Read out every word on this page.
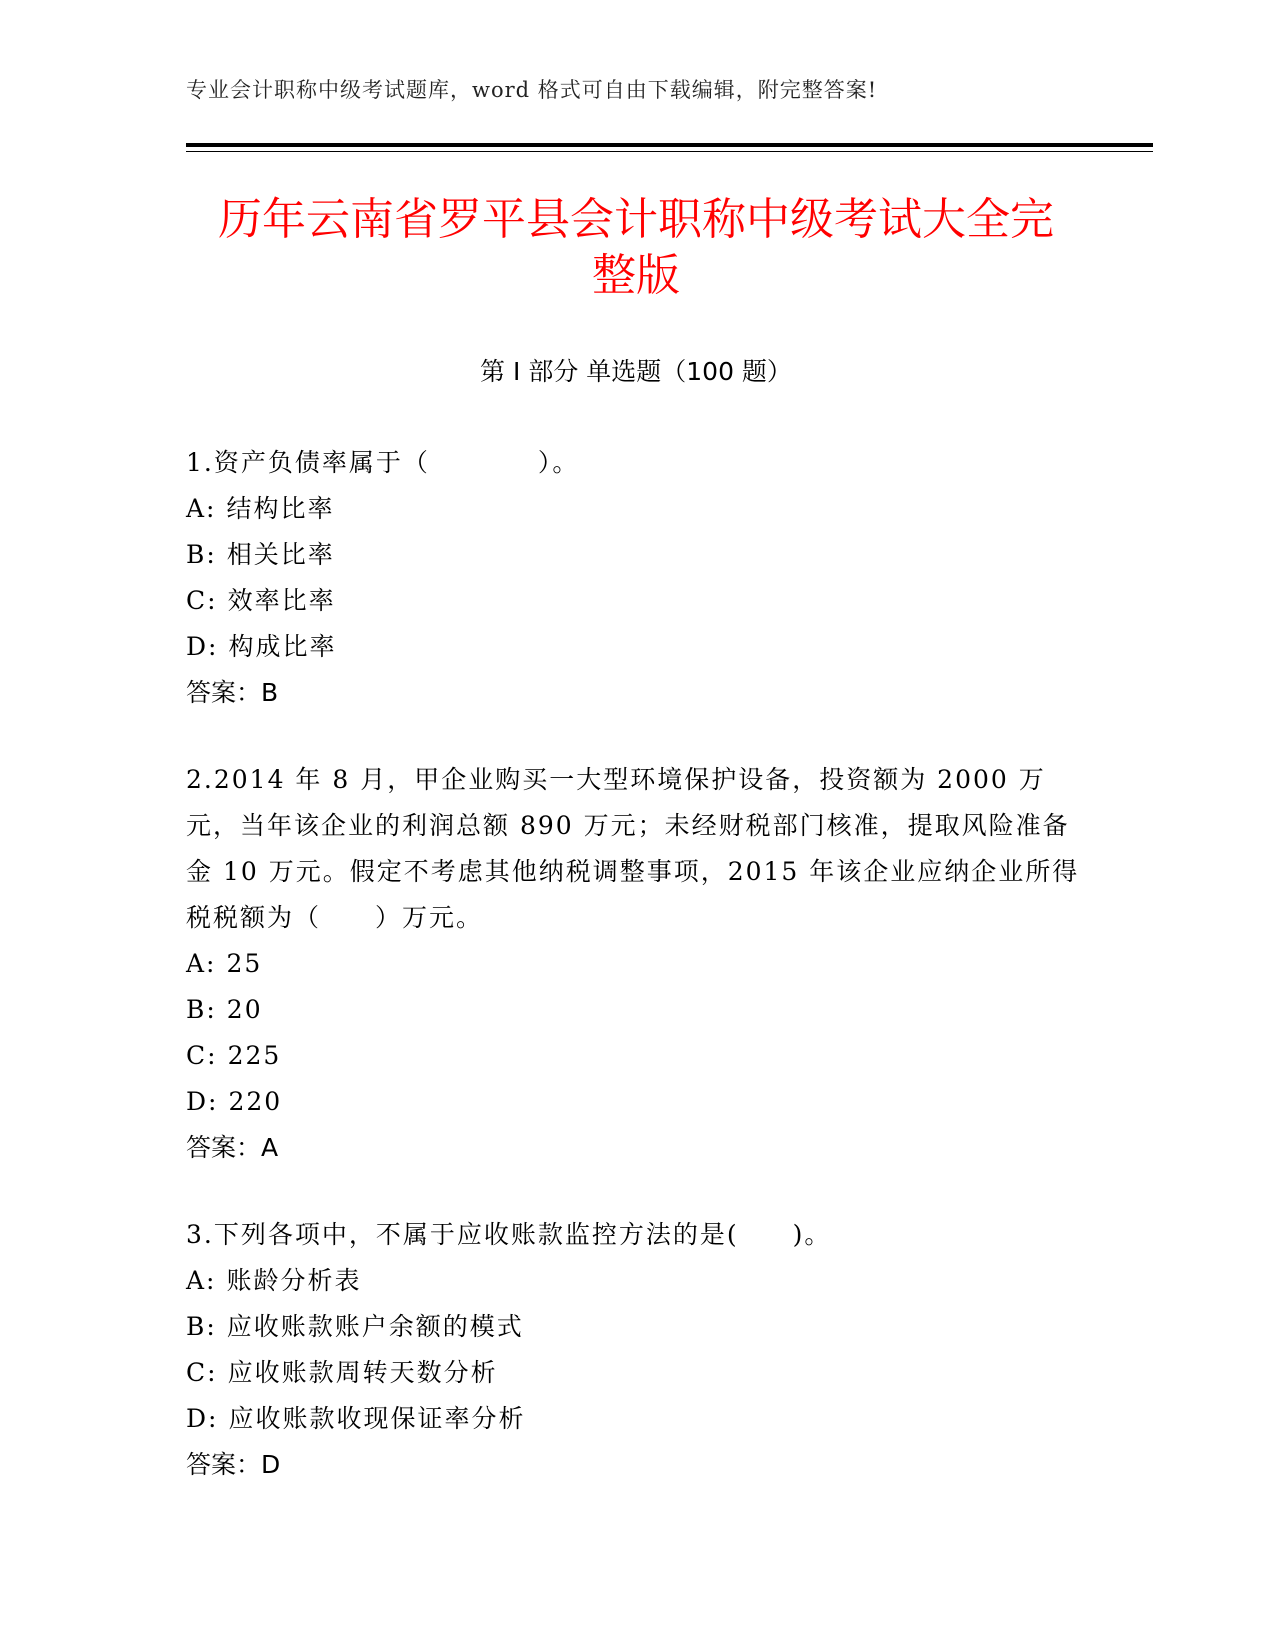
专业会计职称中级考试题库，word 格式可自由下载编辑，附完整答案!
历年云南省罗平县会计职称中级考试大全完
整版
第 I 部分 单选题（100 题）

1.资产负债率属于（　　　　）。

A: 结构比率

B: 相关比率

C: 效率比率

D: 构成比率

答案：B

2.2014 年 8 月，甲企业购买一大型环境保护设备，投资额为 2000 万元，当年该企业的利润总额 890 万元；未经财税部门核准，提取风险准备金 10 万元。假定不考虑其他纳税调整事项，2015 年该企业应纳企业所得税税额为（　　）万元。

A: 25

B: 20

C: 225

D: 220

答案：A

3.下列各项中，不属于应收账款监控方法的是(　　)。

A: 账龄分析表

B: 应收账款账户余额的模式

C: 应收账款周转天数分析

D: 应收账款收现保证率分析

答案：D
